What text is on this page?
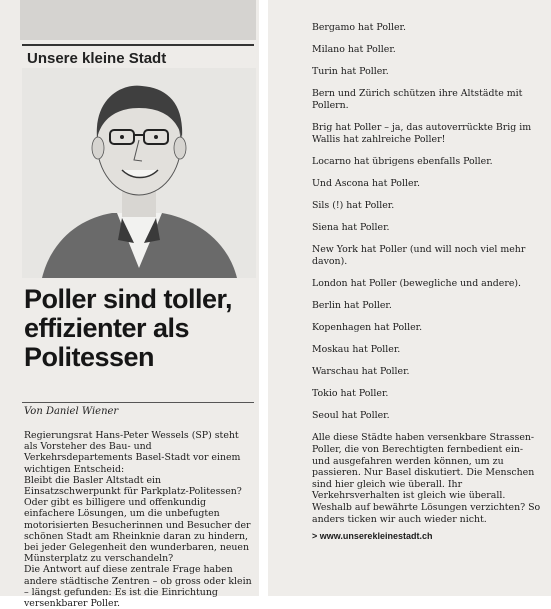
Unsere kleine Stadt
Poller sind toller, effizienter als Politessen
Von Daniel Wiener

Regierungsrat Hans-Peter Wessels (SP) steht als Vorsteher des Bau- und Verkehrsdepartements Basel-Stadt vor einem wichtigen Entscheid:

Bleibt die Basler Altstadt ein Einsatzschwerpunkt für Parkplatz-Politessen? Oder gibt es billigere und offenkundig einfachere Lösungen, um die unbefugten motorisierten Besucherinnen und Besucher der schönen Stadt am Rheinknie daran zu hindern, bei jeder Gelegenheit den wunderbaren, neuen Münsterplatz zu verschandeln?

Die Antwort auf diese zentrale Frage haben andere städtische Zentren – ob gross oder klein – längst gefunden: Es ist die Einrichtung versenkbarer Poller.

Bergamo hat Poller.

Milano hat Poller.

Turin hat Poller.

Bern und Zürich schützen ihre Altstädte mit Pollern.

Brig hat Poller – ja, das autoverrückte Brig im Wallis hat zahlreiche Poller!

Locarno hat übrigens ebenfalls Poller.

Und Ascona hat Poller.

Sils (!) hat Poller.

Siena hat Poller.

New York hat Poller (und will noch viel mehr davon).

London hat Poller (bewegliche und andere).

Berlin hat Poller.

Kopenhagen hat Poller.

Moskau hat Poller.

Warschau hat Poller.

Tokio hat Poller.

Seoul hat Poller.

Alle diese Städte haben versenkbare Strassen-Poller, die von Berechtigten fernbedient ein- und ausgefahren werden können, um zu passieren. Nur Basel diskutiert. Die Menschen sind hier gleich wie überall. Ihr Verkehrsverhalten ist gleich wie überall. Weshalb auf bewährte Lösungen verzichten? So anders ticken wir auch wieder nicht.

> www.unserekleinestadt.ch
